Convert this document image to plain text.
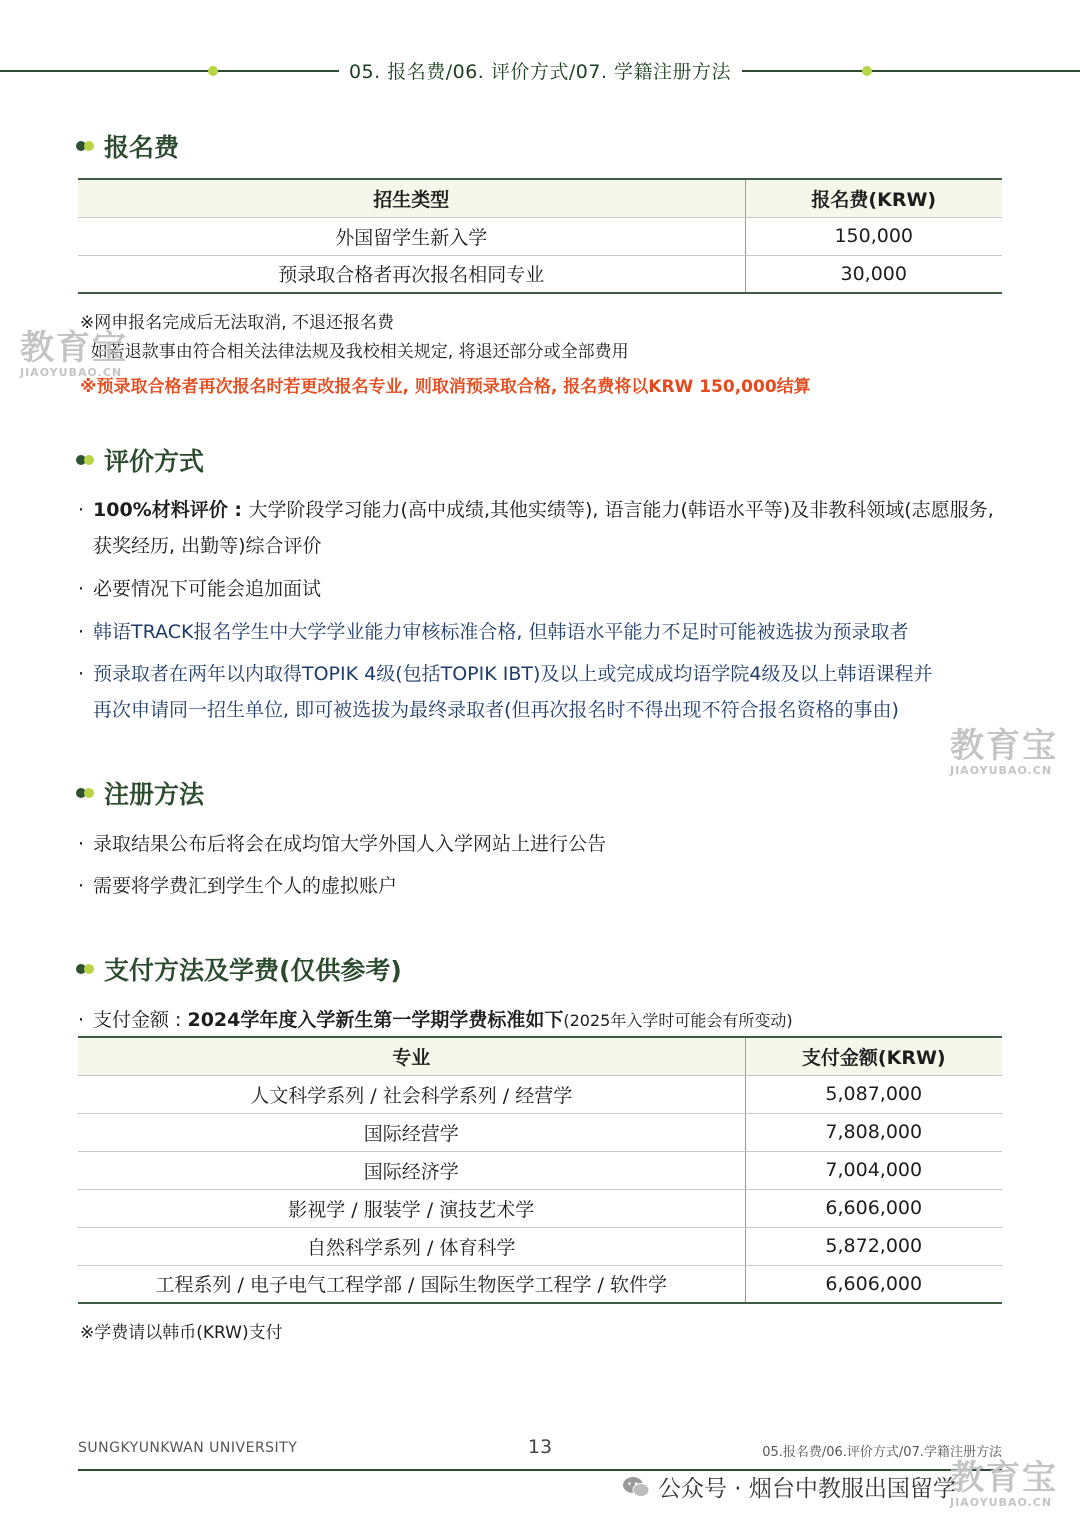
05. 报名费/06. 评价方式/07. 学籍注册方法
报名费
招生类型	报名费(KRW)
外国留学生新入学	150,000
预录取合格者再次报名相同专业	30,000
※网申报名完成后无法取消, 不退还报名费
如若退款事由符合相关法律法规及我校相关规定, 将退还部分或全部费用
※预录取合格者再次报名时若更改报名专业, 则取消预录取合格, 报名费将以KRW 150,000结算
评价方式
· 100%材料评价 : 大学阶段学习能力(高中成绩,其他实绩等), 语言能力(韩语水平等)及非教科领域(志愿服务,
获奖经历, 出勤等)综合评价
· 必要情况下可能会追加面试
· 韩语TRACK报名学生中大学学业能力审核标准合格, 但韩语水平能力不足时可能被选拔为预录取者
· 预录取者在两年以内取得TOPIK 4级(包括TOPIK IBT)及以上或完成成均语学院4级及以上韩语课程并
再次申请同一招生单位, 即可被选拔为最终录取者(但再次报名时不得出现不符合报名资格的事由)
注册方法
· 录取结果公布后将会在成均馆大学外国人入学网站上进行公告
· 需要将学费汇到学生个人的虚拟账户
支付方法及学费(仅供参考)
· 支付金额 : 2024学年度入学新生第一学期学费标准如下(2025年入学时可能会有所变动)
专业	支付金额(KRW)
人文科学系列 / 社会科学系列 / 经营学	5,087,000
国际经营学	7,808,000
国际经济学	7,004,000
影视学 / 服装学 / 演技艺术学	6,606,000
自然科学系列 / 体育科学	5,872,000
工程系列 / 电子电气工程学部 / 国际生物医学工程学 / 软件学	6,606,000
※学费请以韩币(KRW)支付
SUNGKYUNKWAN UNIVERSITY	13	05.报名费/06.评价方式/07.学籍注册方法
教育宝
JIAOYUBAO.CN
教育宝
JIAOYUBAO.CN
教育宝
JIAOYUBAO.CN
公众号 · 烟台中教服出国留学
